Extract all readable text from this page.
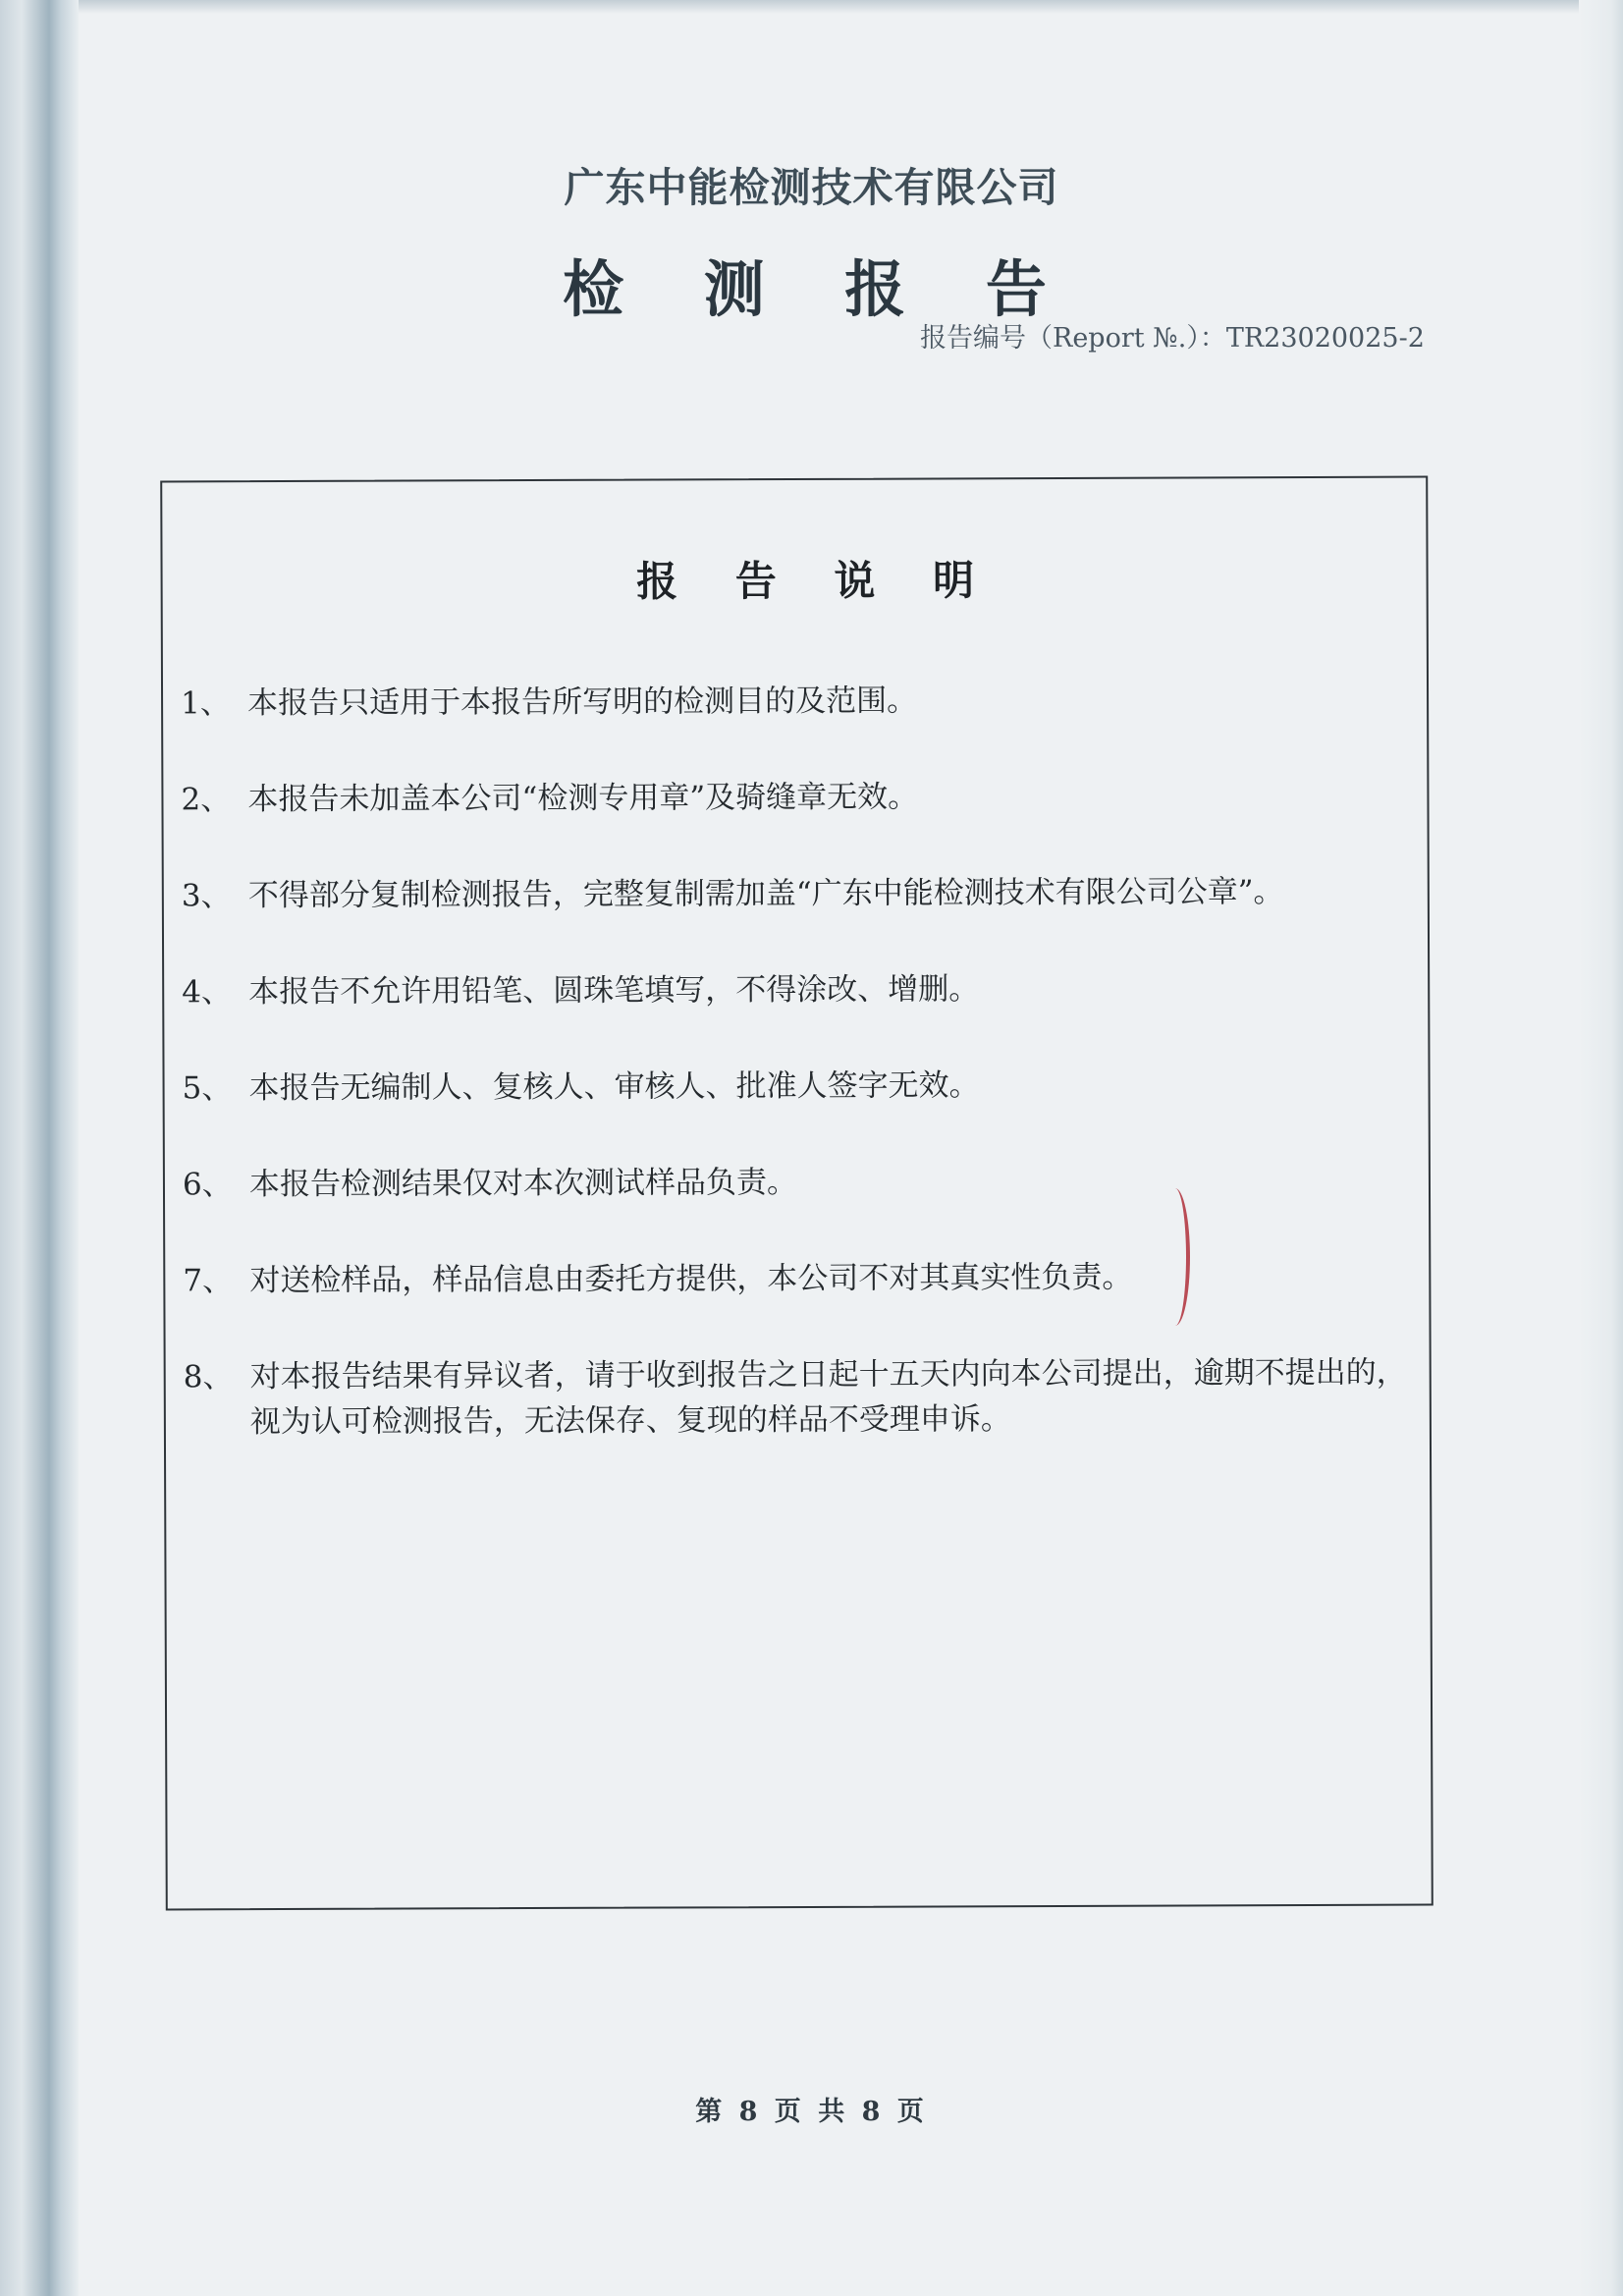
广东中能检测技术有限公司
检 测 报 告
报告编号（Report №.）：TR23020025-2
报 告 说 明
1、 本报告只适用于本报告所写明的检测目的及范围。
2、 本报告未加盖本公司“检测专用章”及骑缝章无效。
3、 不得部分复制检测报告，完整复制需加盖“广东中能检测技术有限公司公章”。
4、 本报告不允许用铅笔、圆珠笔填写，不得涂改、增删。
5、 本报告无编制人、复核人、审核人、批准人签字无效。
6、 本报告检测结果仅对本次测试样品负责。
7、 对送检样品，样品信息由委托方提供，本公司不对其真实性负责。
8、 对本报告结果有异议者，请于收到报告之日起十五天内向本公司提出，逾期不提出的，视为认可检测报告，无法保存、复现的样品不受理申诉。
第 8 页 共 8 页
